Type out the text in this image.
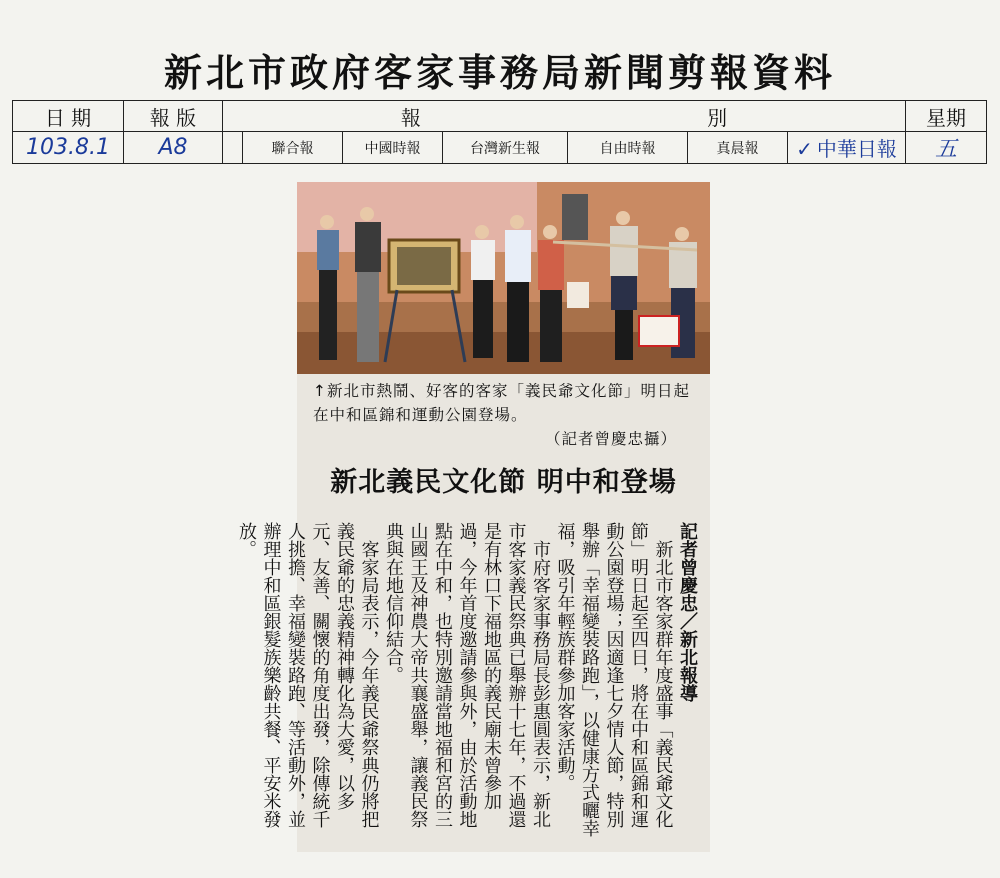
新北市政府客家事務局新聞剪報資料
日 期	報 版	報 別							星期
103.8.1	A8		聯合報	中國時報	台灣新生報	自由時報	真晨報	✓ 中華日報	五
↑新北市熱鬧、好客的客家「義民爺文化節」明日起在中和區錦和運動公園登場。
（記者曾慶忠攝）
新北義民文化節 明中和登場

記者曾慶忠／新北報導

新北市客家群年度盛事「義民爺文化節」明日起至四日，將在中和區錦和運動公園登場；因適逢七夕情人節，特別舉辦「幸福變裝路跑」，以健康方式曬幸福，吸引年輕族群參加客家活動。

市府客家事務局長彭惠圓表示，新北市客家義民祭典已舉辦十七年，不過還是有林口下福地區的義民廟未曾參加過，今年首度邀請參與外，由於活動地點在中和，也特別邀請當地福和宮的三山國王及神農大帝共襄盛舉，讓義民祭典與在地信仰結合。

客家局表示，今年義民爺祭典仍將把義民爺的忠義精神轉化為大愛，以多元、友善、關懷的角度出發，除傳統千人挑擔、幸福變裝路跑、等活動外，並辦理中和區銀髮族樂齡共餐、平安米發放。
